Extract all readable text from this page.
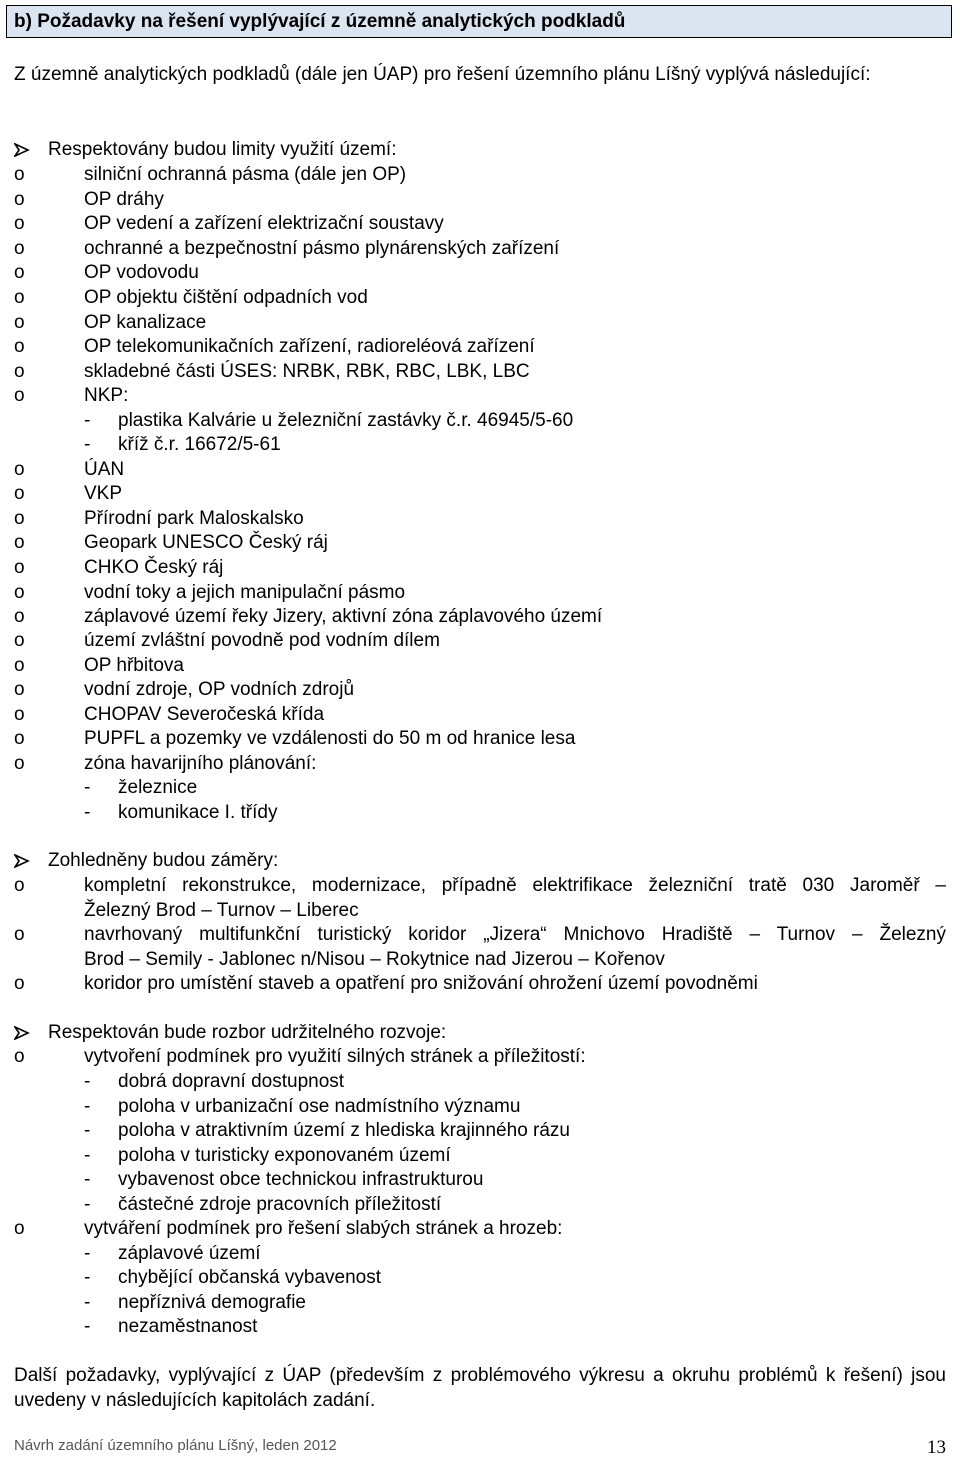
b) Požadavky na řešení vyplývající z územně analytických podkladů
Z územně analytických podkladů (dále jen ÚAP) pro řešení územního plánu Líšný vyplývá následující:
Respektovány budou limity využití území:
o	silniční ochranná pásma (dále jen OP)
o	OP dráhy
o	OP vedení a zařízení elektrizační soustavy
o	ochranné a bezpečnostní pásmo plynárenských zařízení
o	OP vodovodu
o	OP objektu čištění odpadních vod
o	OP kanalizace
o	OP telekomunikačních zařízení, radioreléová zařízení
o	skladebné části ÚSES: NRBK, RBK, RBC, LBK, LBC
o	NKP:
- plastika Kalvárie u železniční zastávky č.r. 46945/5-60
- kříž č.r. 16672/5-61
o	ÚAN
o	VKP
o	Přírodní park Maloskalsko
o	Geopark UNESCO Český ráj
o	CHKO Český ráj
o	vodní toky a jejich manipulační pásmo
o	záplavové území řeky Jizery, aktivní zóna záplavového území
o	území zvláštní povodně pod vodním dílem
o	OP hřbitova
o	vodní zdroje, OP vodních zdrojů
o	CHOPAV Severočeská křída
o	PUPFL a pozemky ve vzdálenosti do 50 m od hranice lesa
o	zóna havarijního plánování:
- železnice
- komunikace I. třídy
Zohledněny budou záměry:
o	kompletní rekonstrukce, modernizace, případně elektrifikace železniční tratě 030 Jaroměř –
Železný Brod – Turnov – Liberec
o	navrhovaný multifunkční turistický koridor „Jizera“ Mnichovo Hradiště – Turnov – Železný
Brod – Semily - Jablonec n/Nisou – Rokytnice nad Jizerou – Kořenov
o	koridor pro umístění staveb a opatření pro snižování ohrožení území povodněmi
Respektován bude rozbor udržitelného rozvoje:
o	vytvoření podmínek pro využití silných stránek a příležitostí:
- dobrá dopravní dostupnost
- poloha v urbanizační ose nadmístního významu
- poloha v atraktivním území z hlediska krajinného rázu
- poloha v turisticky exponovaném území
- vybavenost obce technickou infrastrukturou
- částečné zdroje pracovních příležitostí
o	vytváření podmínek pro řešení slabých stránek a hrozeb:
- záplavové území
- chybějící občanská vybavenost
- nepříznivá demografie
- nezaměstnanost
Další požadavky, vyplývající z ÚAP (především z problémového výkresu a okruhu problémů k řešení) jsou uvedeny v následujících kapitolách zadání.
Návrh zadání územního plánu Líšný, leden 2012	13
